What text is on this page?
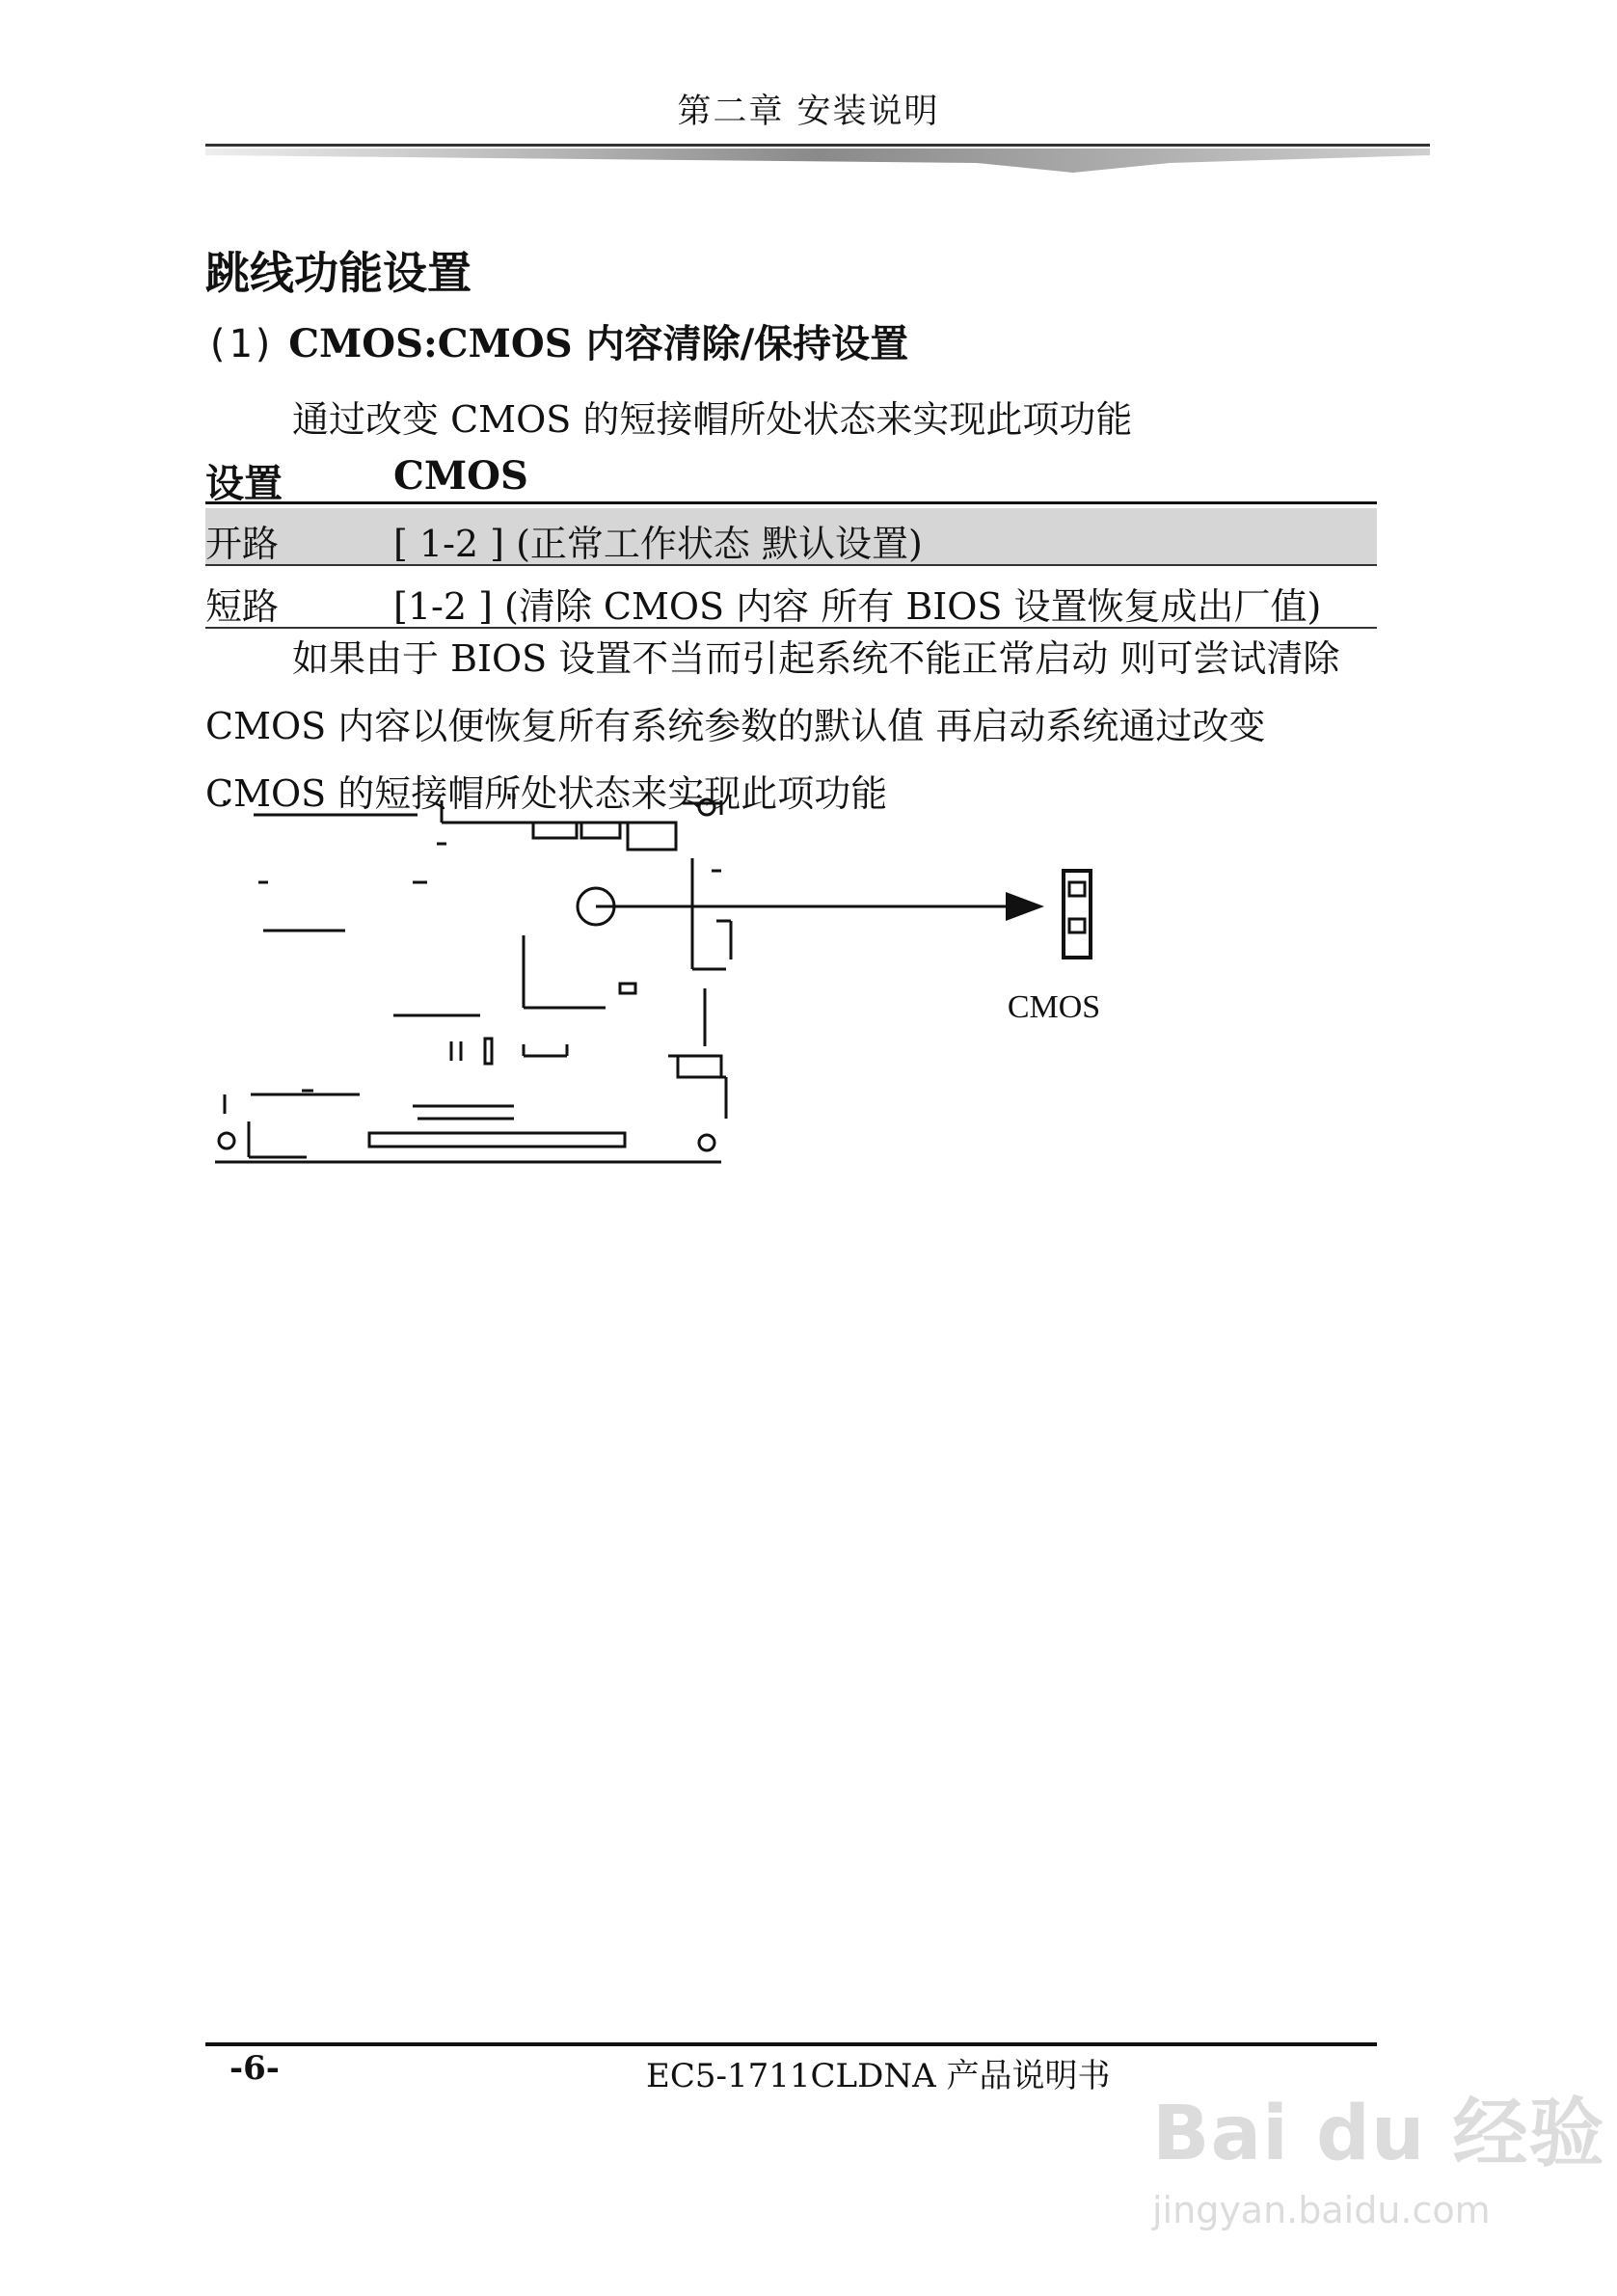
第二章 安装说明
跳线功能设置
(1) CMOS:CMOS 内容清除/保持设置
通过改变 CMOS 的短接帽所处状态来实现此项功能
设置	CMOS
开路	[ 1-2 ] (正常工作状态 默认设置)
短路	[1-2 ] (清除 CMOS 内容 所有 BIOS 设置恢复成出厂值)
如果由于 BIOS 设置不当而引起系统不能正常启动 则可尝试清除 CMOS 内容以便恢复所有系统参数的默认值 再启动系统通过改变 CMOS 的短接帽所处状态来实现此项功能
CMOS
-6-	EC5-1711CLDNA 产品说明书
Bai du 经验
jingyan.baidu.com
